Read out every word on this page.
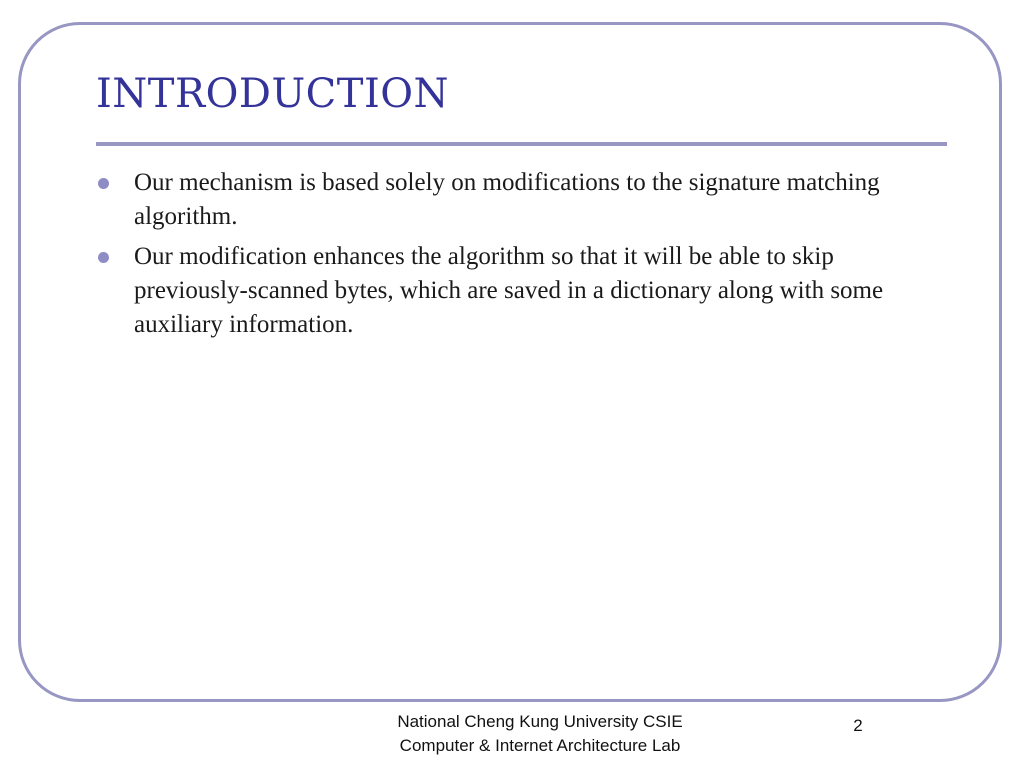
INTRODUCTION
Our mechanism is based solely on modifications to the signature matching algorithm.
Our modification enhances the algorithm so that it will be able to skip previously-scanned bytes, which are saved in a dictionary along with some auxiliary information.
National Cheng Kung University CSIE
Computer & Internet Architecture Lab
2
